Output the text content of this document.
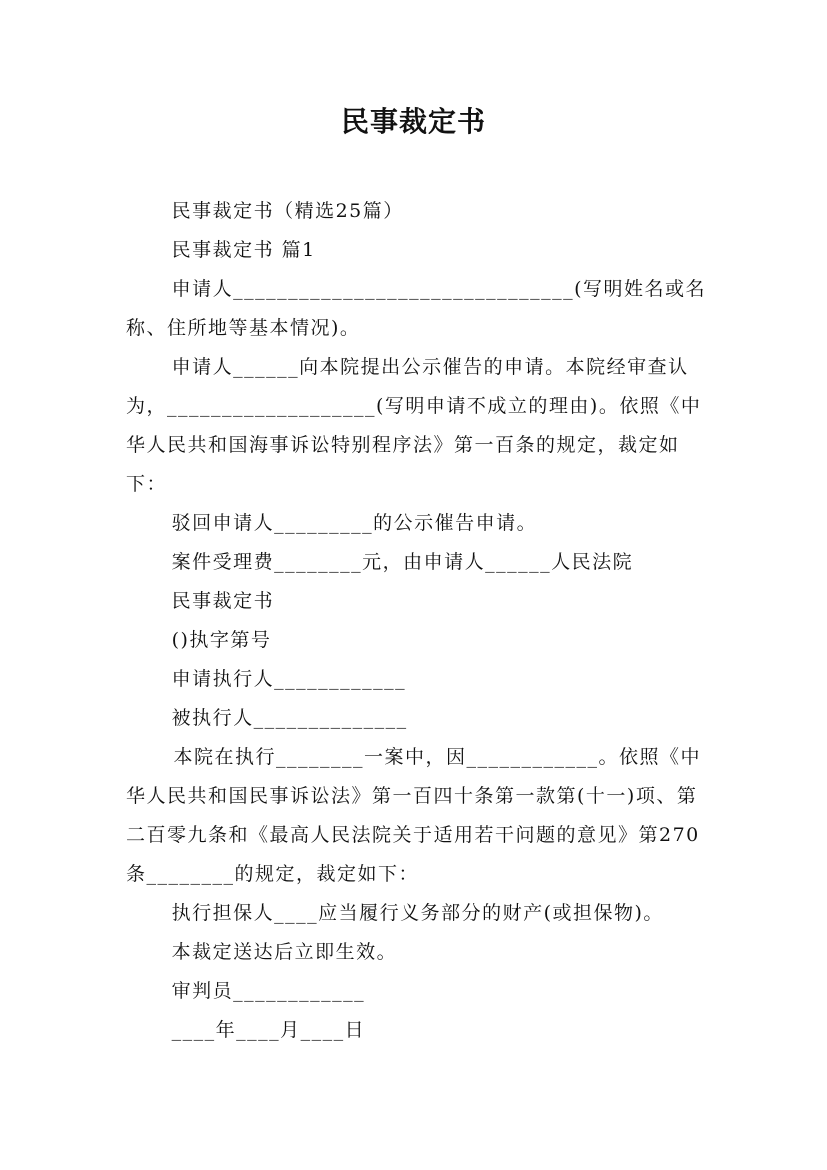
民事裁定书

民事裁定书（精选25篇）

民事裁定书 篇1

申请人_______________________________(写明姓名或名称、住所地等基本情况)。

申请人______向本院提出公示催告的申请。本院经审查认为，___________________(写明申请不成立的理由)。依照《中华人民共和国海事诉讼特别程序法》第一百条的规定，裁定如下：

驳回申请人_________的公示催告申请。

案件受理费________元，由申请人______人民法院

民事裁定书

()执字第号

申请执行人____________

被执行人______________

本院在执行________一案中，因____________。依照《中华人民共和国民事诉讼法》第一百四十条第一款第(十一)项、第二百零九条和《最高人民法院关于适用若干问题的意见》第270条________的规定，裁定如下：

执行担保人____应当履行义务部分的财产(或担保物)。

本裁定送达后立即生效。

审判员____________

____年____月____日
